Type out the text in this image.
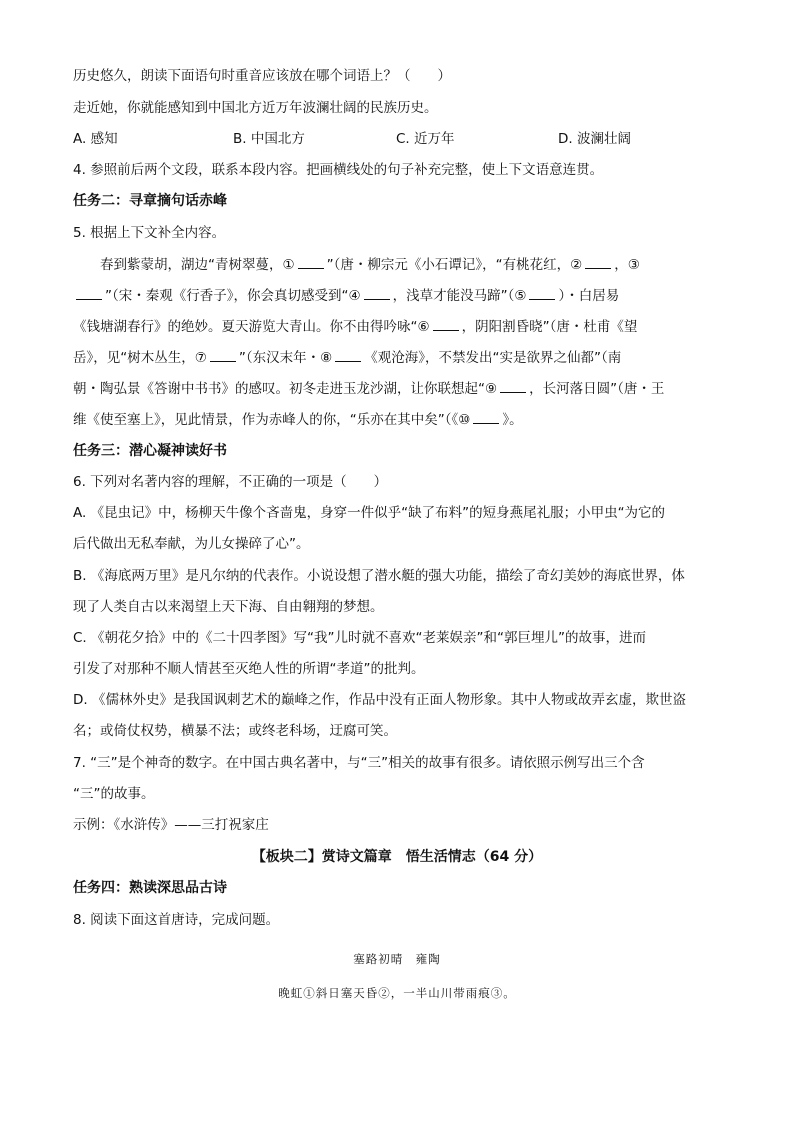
历史悠久，朗读下面语句时重音应该放在哪个词语上？（　　）
走近她，你就能感知到中国北方近万年波澜壮阔的民族历史。
A. 感知	B. 中国北方	C. 近万年	D. 波澜壮阔
4. 参照前后两个文段，联系本段内容。把画横线处的句子补充完整，使上下文语意连贯。
任务二：寻章摘句话赤峰
5. 根据上下文补全内容。
春到紫蒙胡，湖边“青树翠蔓，① ”（唐・柳宗元《小石谭记》，“有桃花红，② ，③
”（宋・秦观《行香子》，你会真切感受到“④ ，浅草才能没马蹄”（⑤ ）・白居易
《钱塘湖春行》的绝妙。夏天游览大青山。你不由得吟咏“⑥ ，阴阳割昏晓”（唐・杜甫《望
岳》，见“树木丛生，⑦ ”（东汉末年・⑧ 《观沧海》，不禁发出“实是欲界之仙都”（南
朝・陶弘景《答谢中书书》的感叹。初冬走进玉龙沙湖，让你联想起“⑨ ，长河落日圆”（唐・王
维《使至塞上》，见此情景，作为赤峰人的你，“乐亦在其中矣”（《⑩ 》。
任务三：潜心凝神读好书
6. 下列对名著内容的理解，不正确的一项是（　　）
A. 《昆虫记》中，杨柳天牛像个吝啬鬼，身穿一件似乎“缺了布料”的短身燕尾礼服；小甲虫“为它的
后代做出无私奉献，为儿女操碎了心”。
B. 《海底两万里》是凡尔纳的代表作。小说设想了潜水艇的强大功能，描绘了奇幻美妙的海底世界，体
现了人类自古以来渴望上天下海、自由翱翔的梦想。
C. 《朝花夕拾》中的《二十四孝图》写“我”儿时就不喜欢“老莱娱亲”和“郭巨埋儿”的故事，进而
引发了对那种不顺人情甚至灭绝人性的所谓“孝道”的批判。
D. 《儒林外史》是我国讽刺艺术的巅峰之作，作品中没有正面人物形象。其中人物或故弄玄虚，欺世盗
名；或倚仗权势，横暴不法；或终老科场，迂腐可笑。
7. “三”是个神奇的数字。在中国古典名著中，与“三”相关的故事有很多。请依照示例写出三个含
“三”的故事。
示例：《水浒传》——三打祝家庄
【板块二】赏诗文篇章　悟生活情志（64 分）
任务四：熟读深思品古诗
8. 阅读下面这首唐诗，完成问题。
塞路初晴　雍陶
晚虹①斜日塞天昏②，一半山川带雨痕③。
